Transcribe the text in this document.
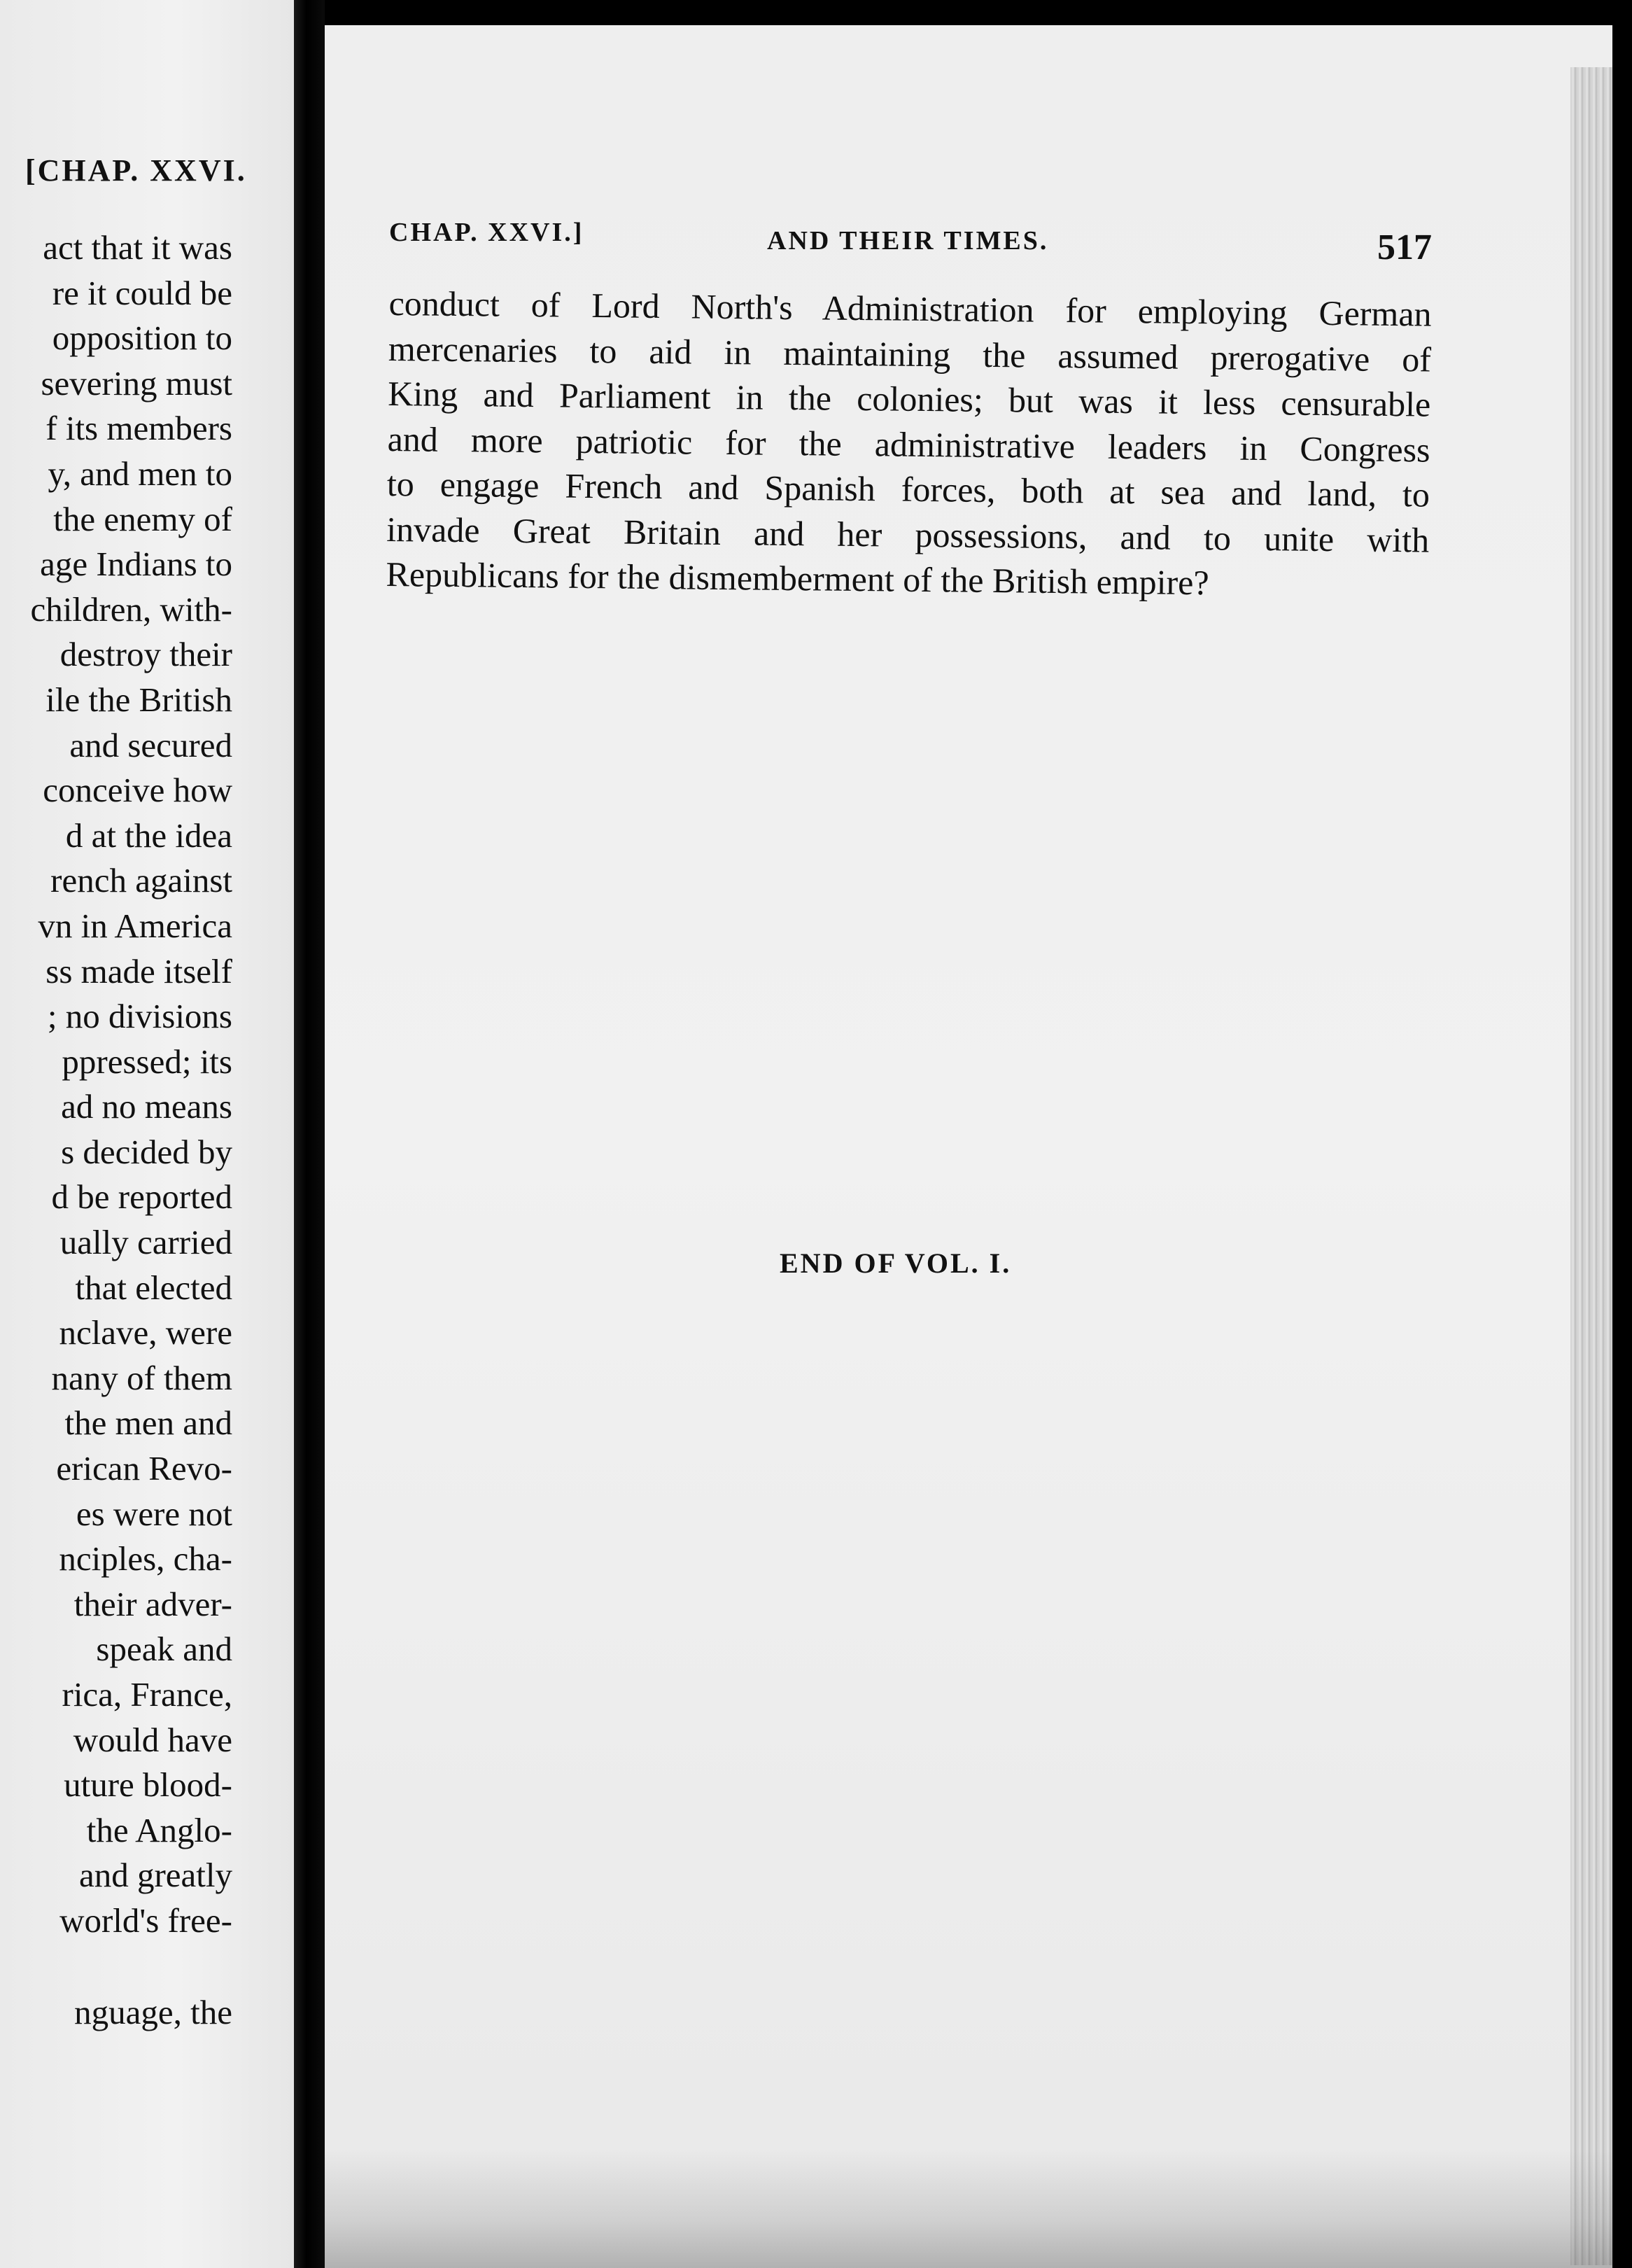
[CHAP. XXVI.
act that it was
re it could be
opposition to
severing must
f its members
y, and men to
the enemy of
age Indians to
children, with-
destroy their
ile the British
and secured
conceive how
d at the idea
rench against
vn in America
ss made itself
; no divisions
ppressed; its
ad no means
s decided by
d be reported
ually carried
that elected
nclave, were
nany of them
the men and
erican Revo-
es were not
nciples, cha-
their adver-
speak and
rica, France,
would have
uture blood-
the Anglo-
and greatly
world's free-
nguage, the
CHAP. XXVI.]	AND THEIR TIMES.	517
conduct of Lord North's Administration for employing German
mercenaries to aid in maintaining the assumed prerogative of
King and Parliament in the colonies; but was it less censurable
and more patriotic for the administrative leaders in Congress
to engage French and Spanish forces, both at sea and land, to
invade Great Britain and her possessions, and to unite with
Republicans for the dismemberment of the British empire?
END OF VOL. I.
